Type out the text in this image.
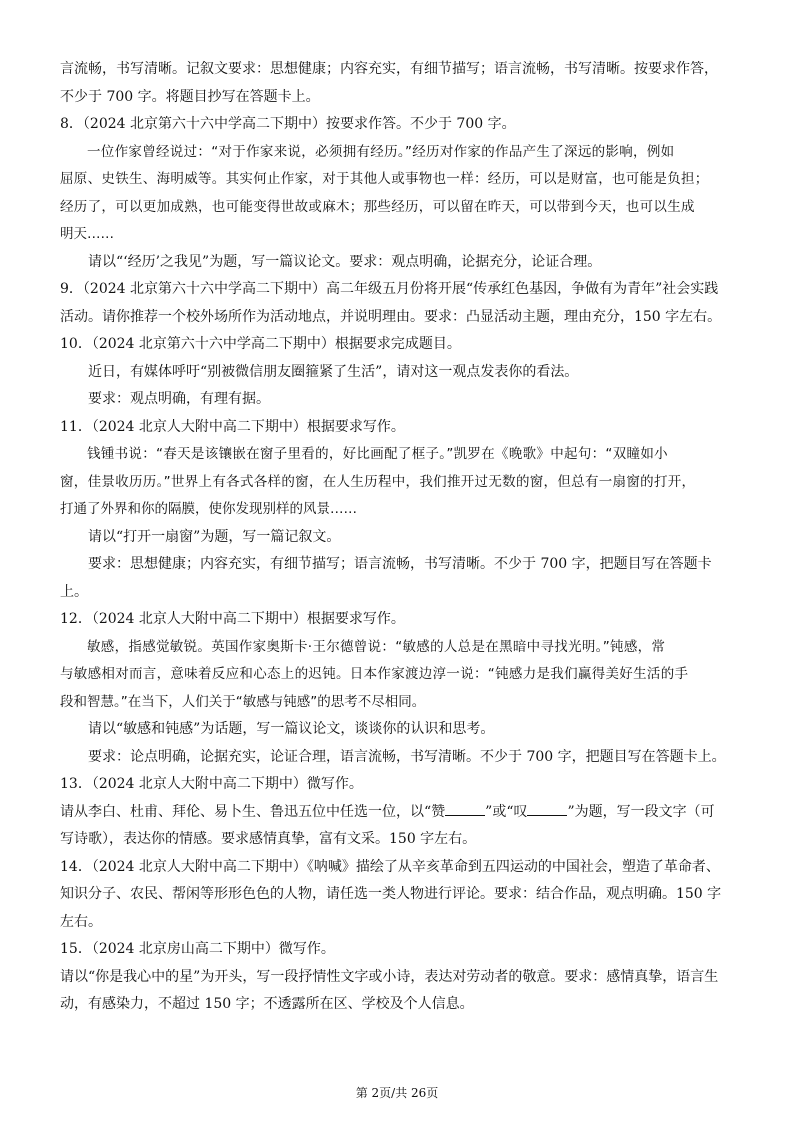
言流畅，书写清晰。记叙文要求：思想健康；内容充实，有细节描写；语言流畅，书写清晰。按要求作答，

不少于 700 字。将题目抄写在答题卡上。

8．（2024 北京第六十六中学高二下期中）按要求作答。不少于 700 字。

一位作家曾经说过：“对于作家来说，必须拥有经历。”经历对作家的作品产生了深远的影响，例如

屈原、史铁生、海明威等。其实何止作家，对于其他人或事物也一样：经历，可以是财富，也可能是负担；

经历了，可以更加成熟，也可能变得世故或麻木；那些经历，可以留在昨天，可以带到今天，也可以生成

明天……

请以“‘经历’之我见”为题，写一篇议论文。要求：观点明确，论据充分，论证合理。

9．（2024 北京第六十六中学高二下期中）高二年级五月份将开展“传承红色基因，争做有为青年”社会实践

活动。请你推荐一个校外场所作为活动地点，并说明理由。要求：凸显活动主题，理由充分，150 字左右。

10．（2024 北京第六十六中学高二下期中）根据要求完成题目。

近日，有媒体呼吁“别被微信朋友圈箍紧了生活”，请对这一观点发表你的看法。

要求：观点明确，有理有据。

11．（2024 北京人大附中高二下期中）根据要求写作。

钱锺书说：“春天是该镶嵌在窗子里看的，好比画配了框子。”凯罗在《晚歌》中起句：“双瞳如小

窗，佳景收历历。”世界上有各式各样的窗，在人生历程中，我们推开过无数的窗，但总有一扇窗的打开，

打通了外界和你的隔膜，使你发现别样的风景……

请以“打开一扇窗”为题，写一篇记叙文。

要求：思想健康；内容充实，有细节描写；语言流畅，书写清晰。不少于 700 字，把题目写在答题卡

上。

12．（2024 北京人大附中高二下期中）根据要求写作。

敏感，指感觉敏锐。英国作家奥斯卡·王尔德曾说：“敏感的人总是在黑暗中寻找光明。”钝感，常

与敏感相对而言，意味着反应和心态上的迟钝。日本作家渡边淳一说：“钝感力是我们赢得美好生活的手

段和智慧。”在当下，人们关于“敏感与钝感”的思考不尽相同。

请以“敏感和钝感”为话题，写一篇议论文，谈谈你的认识和思考。

要求：论点明确，论据充实，论证合理，语言流畅，书写清晰。不少于 700 字，把题目写在答题卡上。

13．（2024 北京人大附中高二下期中）微写作。

请从李白、杜甫、拜伦、易卜生、鲁迅五位中任选一位，以“赞	”或“叹	”为题，写一段文字（可

写诗歌），表达你的情感。要求感情真挚，富有文采。150 字左右。

14．（2024 北京人大附中高二下期中）《呐喊》描绘了从辛亥革命到五四运动的中国社会，塑造了革命者、

知识分子、农民、帮闲等形形色色的人物，请任选一类人物进行评论。要求：结合作品，观点明确。150 字

左右。

15．（2024 北京房山高二下期中）微写作。

请以“你是我心中的星”为开头，写一段抒情性文字或小诗，表达对劳动者的敬意。要求：感情真挚，语言生

动，有感染力，不超过 150 字；不透露所在区、学校及个人信息。

第 2页/共 26页
